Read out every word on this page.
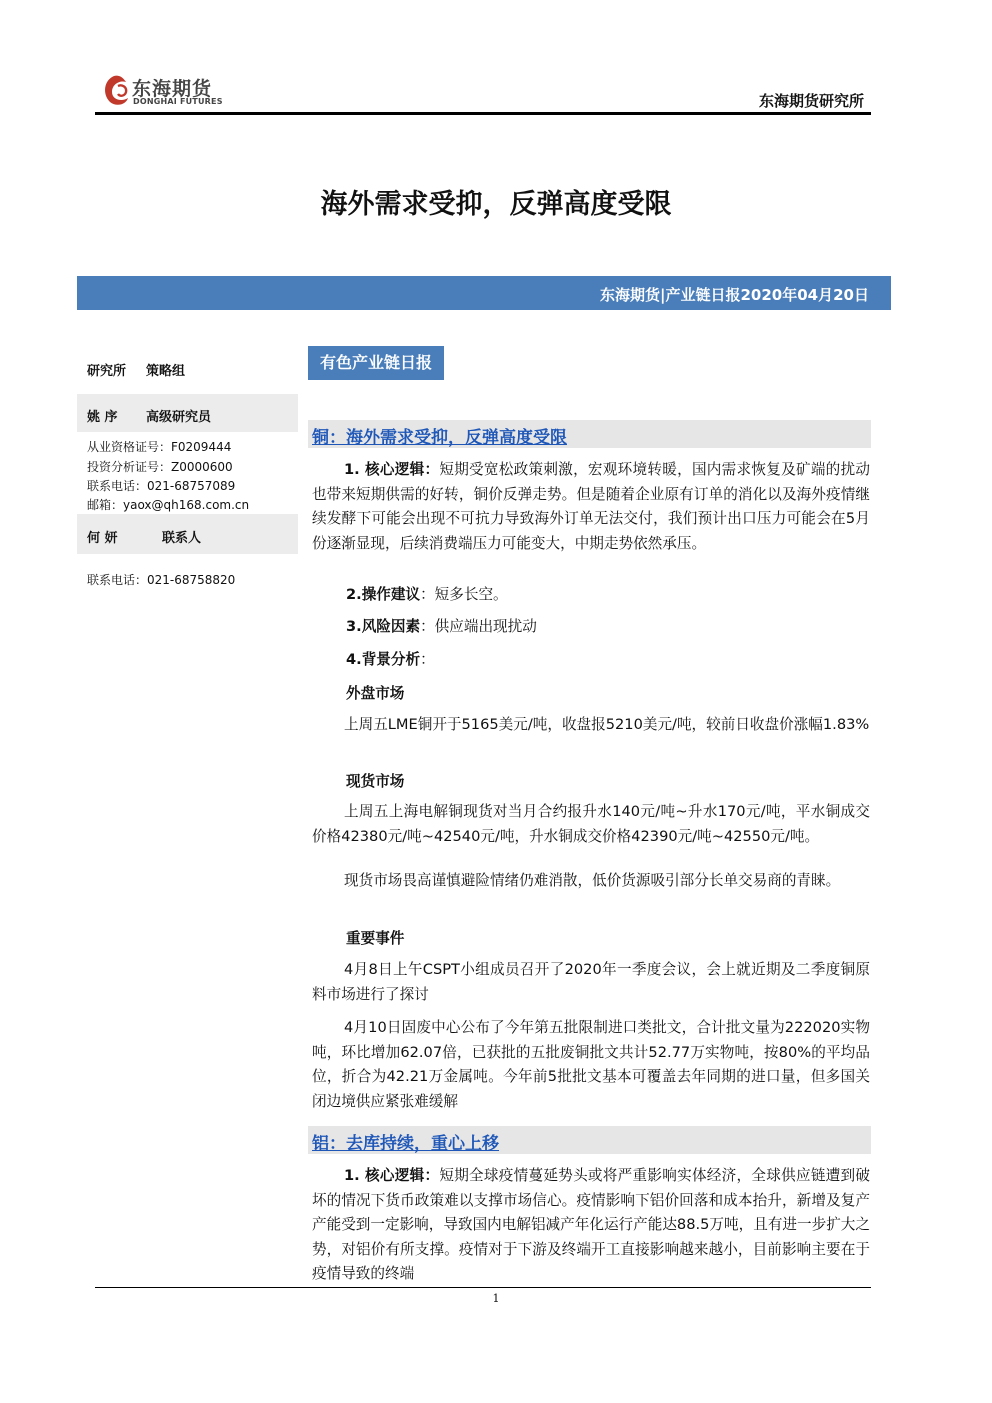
东海期货
DONGHAI FUTURES	东海期货研究所
海外需求受抑，反弹高度受限
东海期货|产业链日报2020年04月20日
研究所 策略组
姚 序 高级研究员
从业资格证号：F0209444
投资分析证号：Z0000600
联系电话：021-68757089
邮箱：yaox@qh168.com.cn
何 妍	联系人
联系电话：021-68758820
有色产业链日报
铜：海外需求受抑，反弹高度受限
1. 核心逻辑：短期受宽松政策刺激，宏观环境转暖，国内需求恢复及矿端的扰动也带来短期供需的好转，铜价反弹走势。但是随着企业原有订单的消化以及海外疫情继续发酵下可能会出现不可抗力导致海外订单无法交付，我们预计出口压力可能会在5月份逐渐显现，后续消费端压力可能变大，中期走势依然承压。
2.操作建议：短多长空。
3.风险因素：供应端出现扰动
4.背景分析：
外盘市场
上周五LME铜开于5165美元/吨，收盘报5210美元/吨，较前日收盘价涨幅1.83%
现货市场
上周五上海电解铜现货对当月合约报升水140元/吨~升水170元/吨，平水铜成交价格42380元/吨~42540元/吨，升水铜成交价格42390元/吨~42550元/吨。
现货市场畏高谨慎避险情绪仍难消散，低价货源吸引部分长单交易商的青睐。
重要事件
4月8日上午CSPT小组成员召开了2020年一季度会议，会上就近期及二季度铜原料市场进行了探讨
4月10日固废中心公布了今年第五批限制进口类批文，合计批文量为222020实物吨，环比增加62.07倍，已获批的五批废铜批文共计52.77万实物吨，按80%的平均品位，折合为42.21万金属吨。今年前5批批文基本可覆盖去年同期的进口量，但多国关闭边境供应紧张难缓解
铝：去库持续，重心上移
1. 核心逻辑：短期全球疫情蔓延势头或将严重影响实体经济，全球供应链遭到破坏的情况下货币政策难以支撑市场信心。疫情影响下铝价回落和成本抬升，新增及复产产能受到一定影响，导致国内电解铝减产年化运行产能达88.5万吨，且有进一步扩大之势，对铝价有所支撑。疫情对于下游及终端开工直接影响越来越小，目前影响主要在于疫情导致的终端
1
